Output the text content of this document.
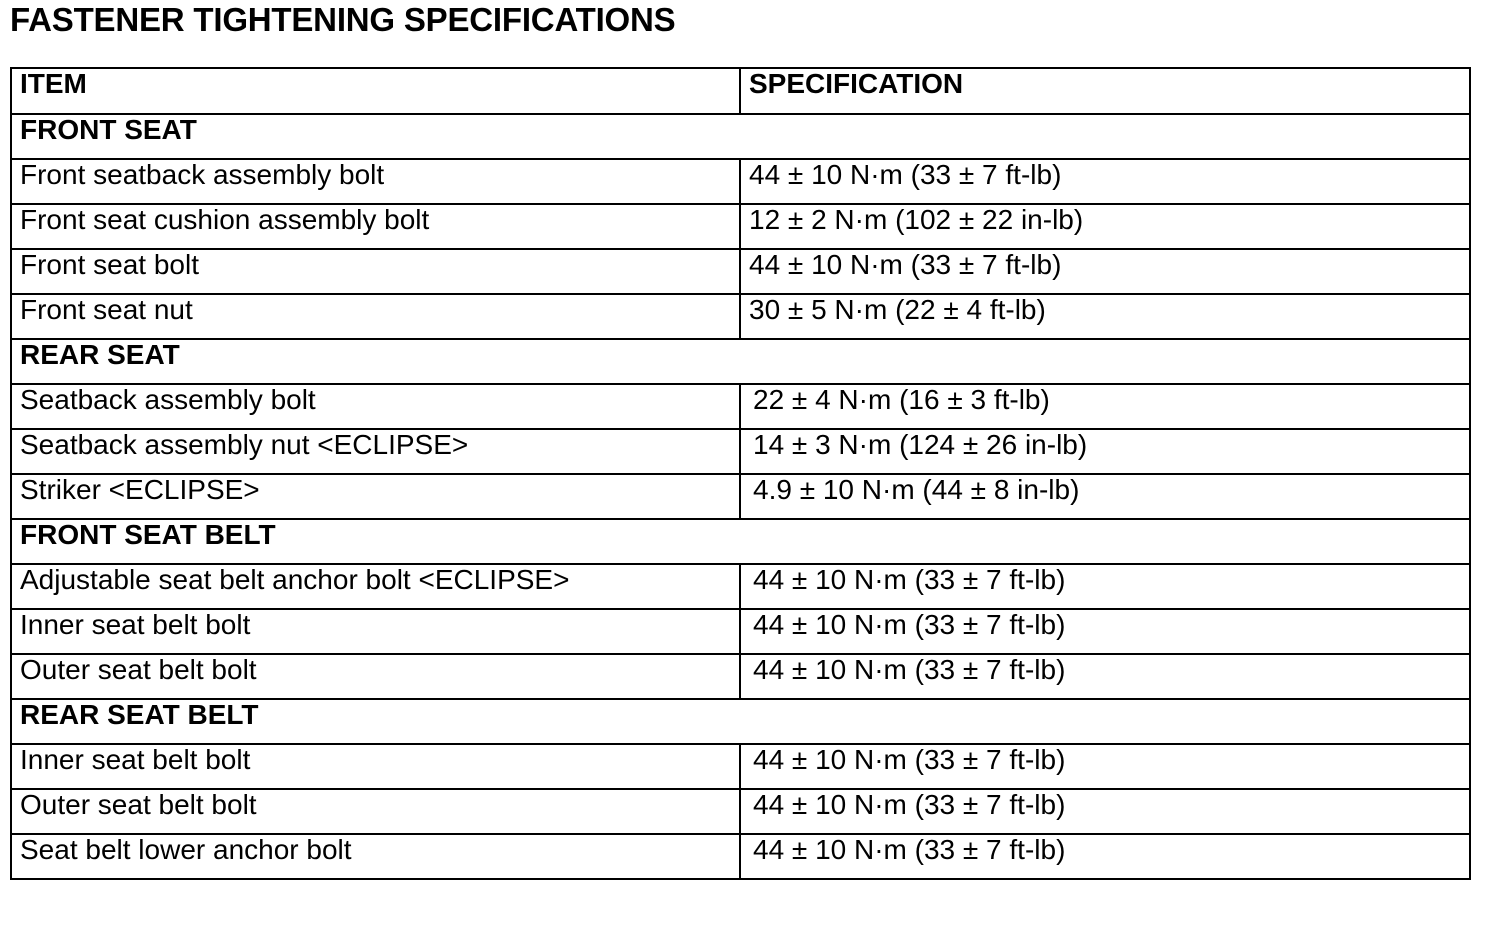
FASTENER TIGHTENING SPECIFICATIONS
ITEM	SPECIFICATION
FRONT SEAT	
Front seatback assembly bolt	44 ± 10 N·m (33 ± 7 ft-lb)
Front seat cushion assembly bolt	12 ± 2 N·m (102 ± 22 in-lb)
Front seat bolt	44 ± 10 N·m (33 ± 7 ft-lb)
Front seat nut	30 ± 5 N·m (22 ± 4 ft-lb)
REAR SEAT	
Seatback assembly bolt	22 ± 4 N·m (16 ± 3 ft-lb)
Seatback assembly nut <ECLIPSE>	14 ± 3 N·m (124 ± 26 in-lb)
Striker <ECLIPSE>	4.9 ± 10 N·m (44 ± 8 in-lb)
FRONT SEAT BELT	
Adjustable seat belt anchor bolt <ECLIPSE>	44 ± 10 N·m (33 ± 7 ft-lb)
Inner seat belt bolt	44 ± 10 N·m (33 ± 7 ft-lb)
Outer seat belt bolt	44 ± 10 N·m (33 ± 7 ft-lb)
REAR SEAT BELT	
Inner seat belt bolt	44 ± 10 N·m (33 ± 7 ft-lb)
Outer seat belt bolt	44 ± 10 N·m (33 ± 7 ft-lb)
Seat belt lower anchor bolt	44 ± 10 N·m (33 ± 7 ft-lb)
